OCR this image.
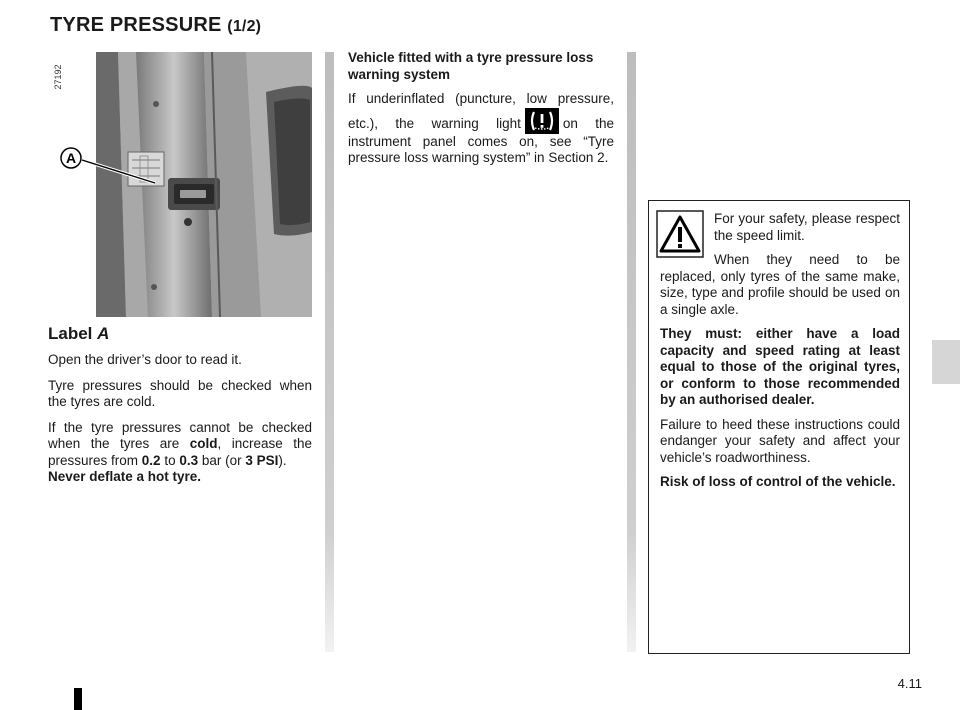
TYRE PRESSURE (1/2)
27192
A
Label A

Open the driver’s door to read it.

Tyre pressures should be checked when the tyres are cold.

If the tyre pressures cannot be checked when the tyres are cold, increase the pressures from 0.2 to 0.3 bar (or 3 PSI).
Never deflate a hot tyre.

Vehicle fitted with a tyre pressure loss warning system

If underinflated (puncture, low pressure, etc.), the warning light	on the instrument panel comes on, see “Tyre pressure loss warning system” in Section 2.

For your safety, please respect the speed limit.

When they need to be replaced, only tyres of the same make, size, type and profile should be used on a single axle.

They must: either have a load capacity and speed rating at least equal to those of the original tyres, or conform to those recommended by an authorised dealer.

Failure to heed these instructions could endanger your safety and affect your vehicle’s roadworthiness.

Risk of loss of control of the vehicle.

4.11
